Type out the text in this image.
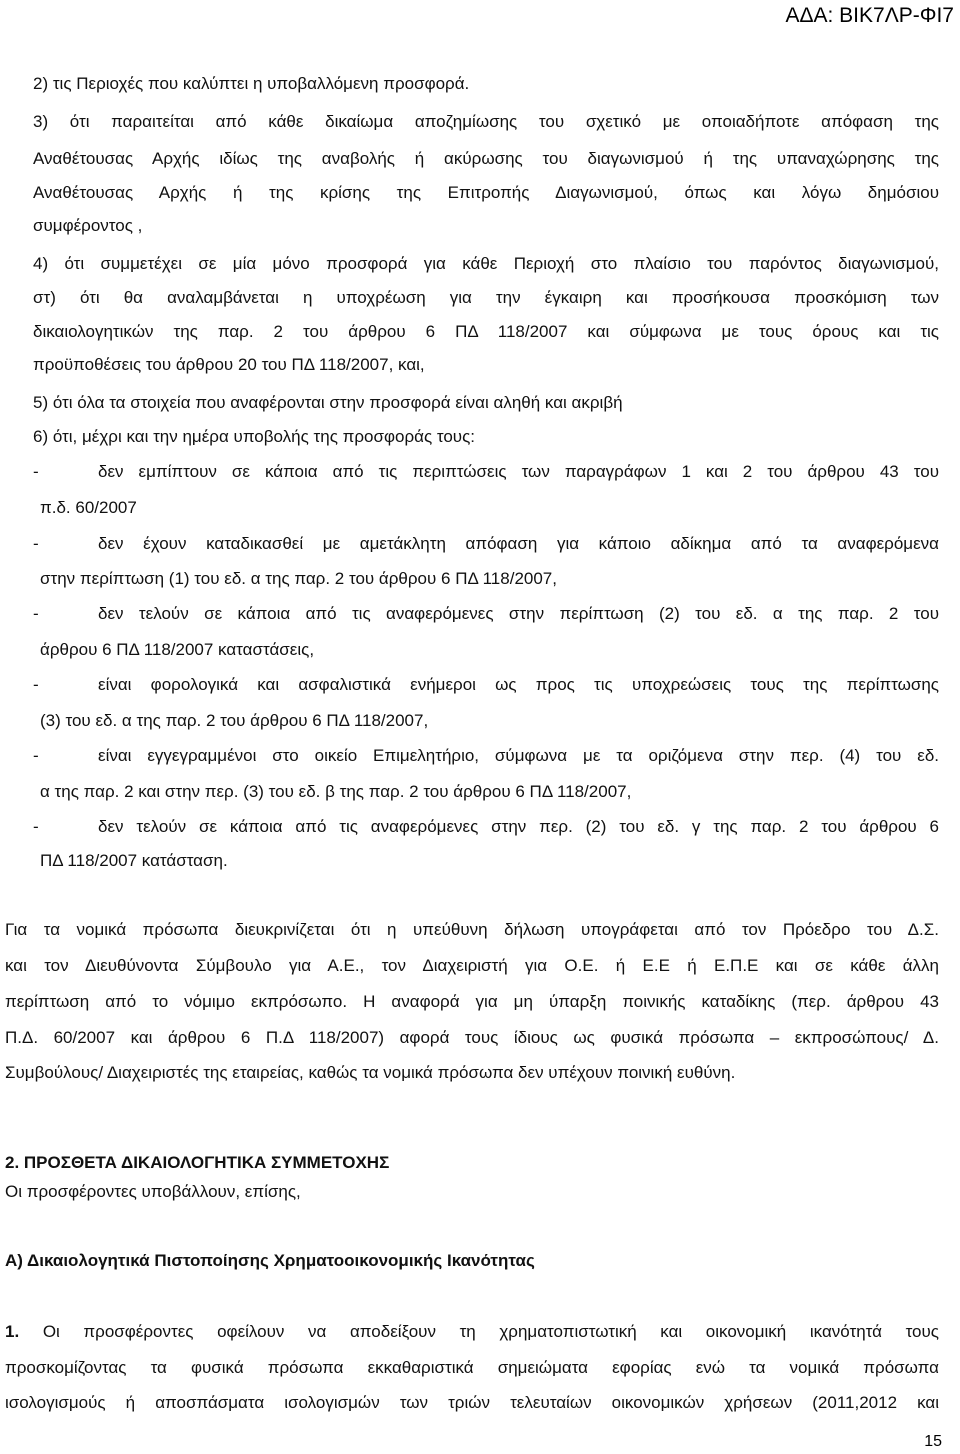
ΑΔΑ: ΒΙΚ7ΛΡ-ΦΙ7
2) τις Περιοχές που καλύπτει η υποβαλλόμενη προσφορά.
3) ότι παραιτείται από κάθε δικαίωμα αποζημίωσης του σχετικό με οποιαδήποτε απόφαση της
Αναθέτουσας Αρχής ιδίως της αναβολής ή ακύρωσης του διαγωνισμού ή της υπαναχώρησης της
Αναθέτουσας Αρχής ή της κρίσης της Επιτροπής Διαγωνισμού, όπως και λόγω δημόσιου
συμφέροντος ,
4) ότι συμμετέχει σε μία μόνο προσφορά για κάθε Περιοχή στο πλαίσιο του παρόντος διαγωνισμού,
στ) ότι θα αναλαμβάνεται η υποχρέωση για την έγκαιρη και προσήκουσα προσκόμιση των
δικαιολογητικών της παρ. 2 του άρθρου 6 ΠΔ 118/2007 και σύμφωνα με τους όρους και τις
προϋποθέσεις του άρθρου 20 του ΠΔ 118/2007, και,
5) ότι όλα τα στοιχεία που αναφέρονται στην προσφορά είναι αληθή και ακριβή
6) ότι, μέχρι και την ημέρα υποβολής της προσφοράς τους:
-	δεν εμπίπτουν σε κάποια από τις περιπτώσεις των παραγράφων 1 και 2 του άρθρου 43 του
π.δ. 60/2007
-	δεν έχουν καταδικασθεί με αμετάκλητη απόφαση για κάποιο αδίκημα από τα αναφερόμενα
στην περίπτωση (1) του εδ. α της παρ. 2 του άρθρου 6 ΠΔ 118/2007,
-	δεν τελούν σε κάποια από τις αναφερόμενες στην περίπτωση (2) του εδ. α της παρ. 2 του
άρθρου 6 ΠΔ 118/2007 καταστάσεις,
-	είναι φορολογικά και ασφαλιστικά ενήμεροι ως προς τις υποχρεώσεις τους της περίπτωσης
(3) του εδ. α της παρ. 2 του άρθρου 6 ΠΔ 118/2007,
-	είναι εγγεγραμμένοι στο οικείο Επιμελητήριο, σύμφωνα με τα οριζόμενα στην περ. (4) του εδ.
α της παρ. 2 και στην περ. (3) του εδ. β της παρ. 2 του άρθρου 6 ΠΔ 118/2007,
-	δεν τελούν σε κάποια από τις αναφερόμενες στην περ. (2) του εδ. γ της παρ. 2 του άρθρου 6
ΠΔ 118/2007 κατάσταση.
Για τα νομικά πρόσωπα διευκρινίζεται ότι η υπεύθυνη δήλωση υπογράφεται από τον Πρόεδρο του Δ.Σ.
και τον Διευθύνοντα Σύμβουλο για Α.Ε., τον Διαχειριστή για Ο.Ε. ή Ε.Ε ή Ε.Π.Ε και σε κάθε άλλη
περίπτωση από το νόμιμο εκπρόσωπο. Η αναφορά για μη ύπαρξη ποινικής καταδίκης (περ. άρθρου 43
Π.Δ. 60/2007 και άρθρου 6 Π.Δ 118/2007) αφορά τους ίδιους ως φυσικά πρόσωπα – εκπροσώπους/ Δ.
Συμβούλους/ Διαχειριστές της εταιρείας, καθώς τα νομικά πρόσωπα δεν υπέχουν ποινική ευθύνη.
2. ΠΡΟΣΘΕΤΑ ΔΙΚΑΙΟΛΟΓΗΤΙΚΑ ΣΥΜΜΕΤΟΧΗΣ
Οι προσφέροντες υποβάλλουν, επίσης,
Α) Δικαιολογητικά Πιστοποίησης Χρηματοοικονομικής Ικανότητας
1. Οι προσφέροντες οφείλουν να αποδείξουν τη χρηματοπιστωτική και οικονομική ικανότητά τους
προσκομίζοντας τα φυσικά πρόσωπα εκκαθαριστικά σημειώματα εφορίας ενώ τα νομικά πρόσωπα
ισολογισμούς ή αποσπάσματα ισολογισμών των τριών τελευταίων οικονομικών χρήσεων (2011,2012 και
15
